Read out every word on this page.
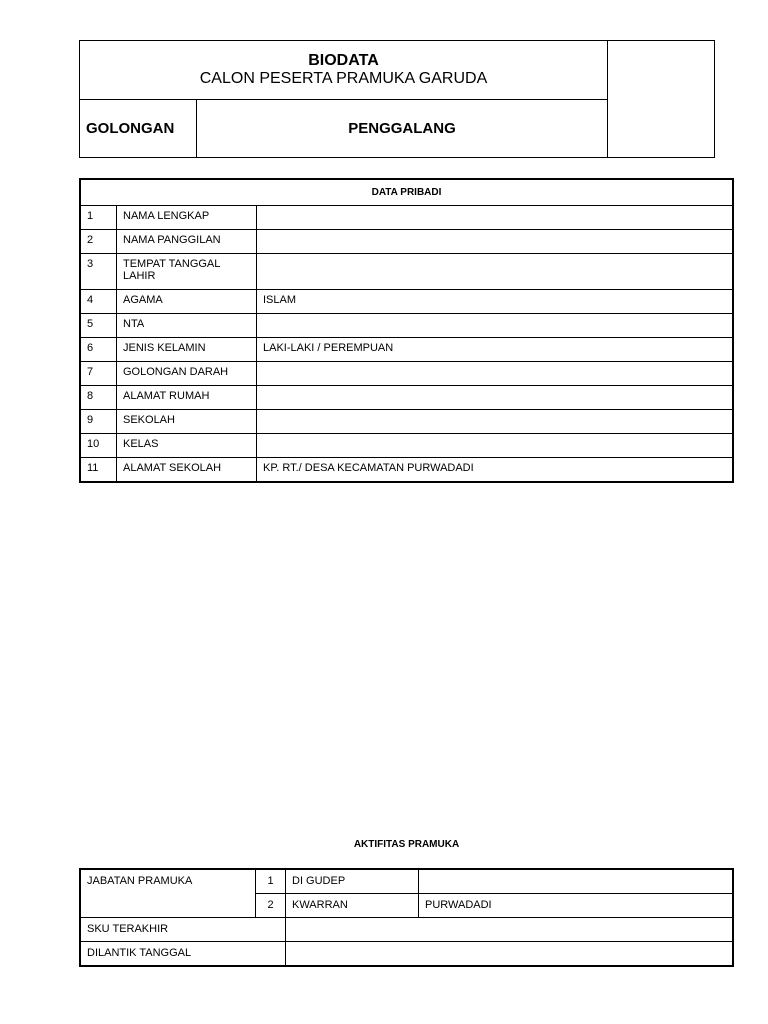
BIODATA
CALON PESERTA PRAMUKA GARUDA		

GOLONGAN	PENGGALANG	
DATA PRIBADI		
1	NAMA LENGKAP	
2	NAMA PANGGILAN	
3	TEMPAT TANGGAL LAHIR	
4	AGAMA	ISLAM
5	NTA	
6	JENIS KELAMIN	LAKI-LAKI / PEREMPUAN
7	GOLONGAN DARAH	
8	ALAMAT RUMAH	
9	SEKOLAH	
10	KELAS	
11	ALAMAT SEKOLAH	KP. RT./ DESA KECAMATAN PURWADADI
AKTIFITAS PRAMUKA
JABATAN PRAMUKA	1	DI GUDEP	
	2	KWARRAN	PURWADADI
SKU TERAKHIR			
DILANTIK TANGGAL			
